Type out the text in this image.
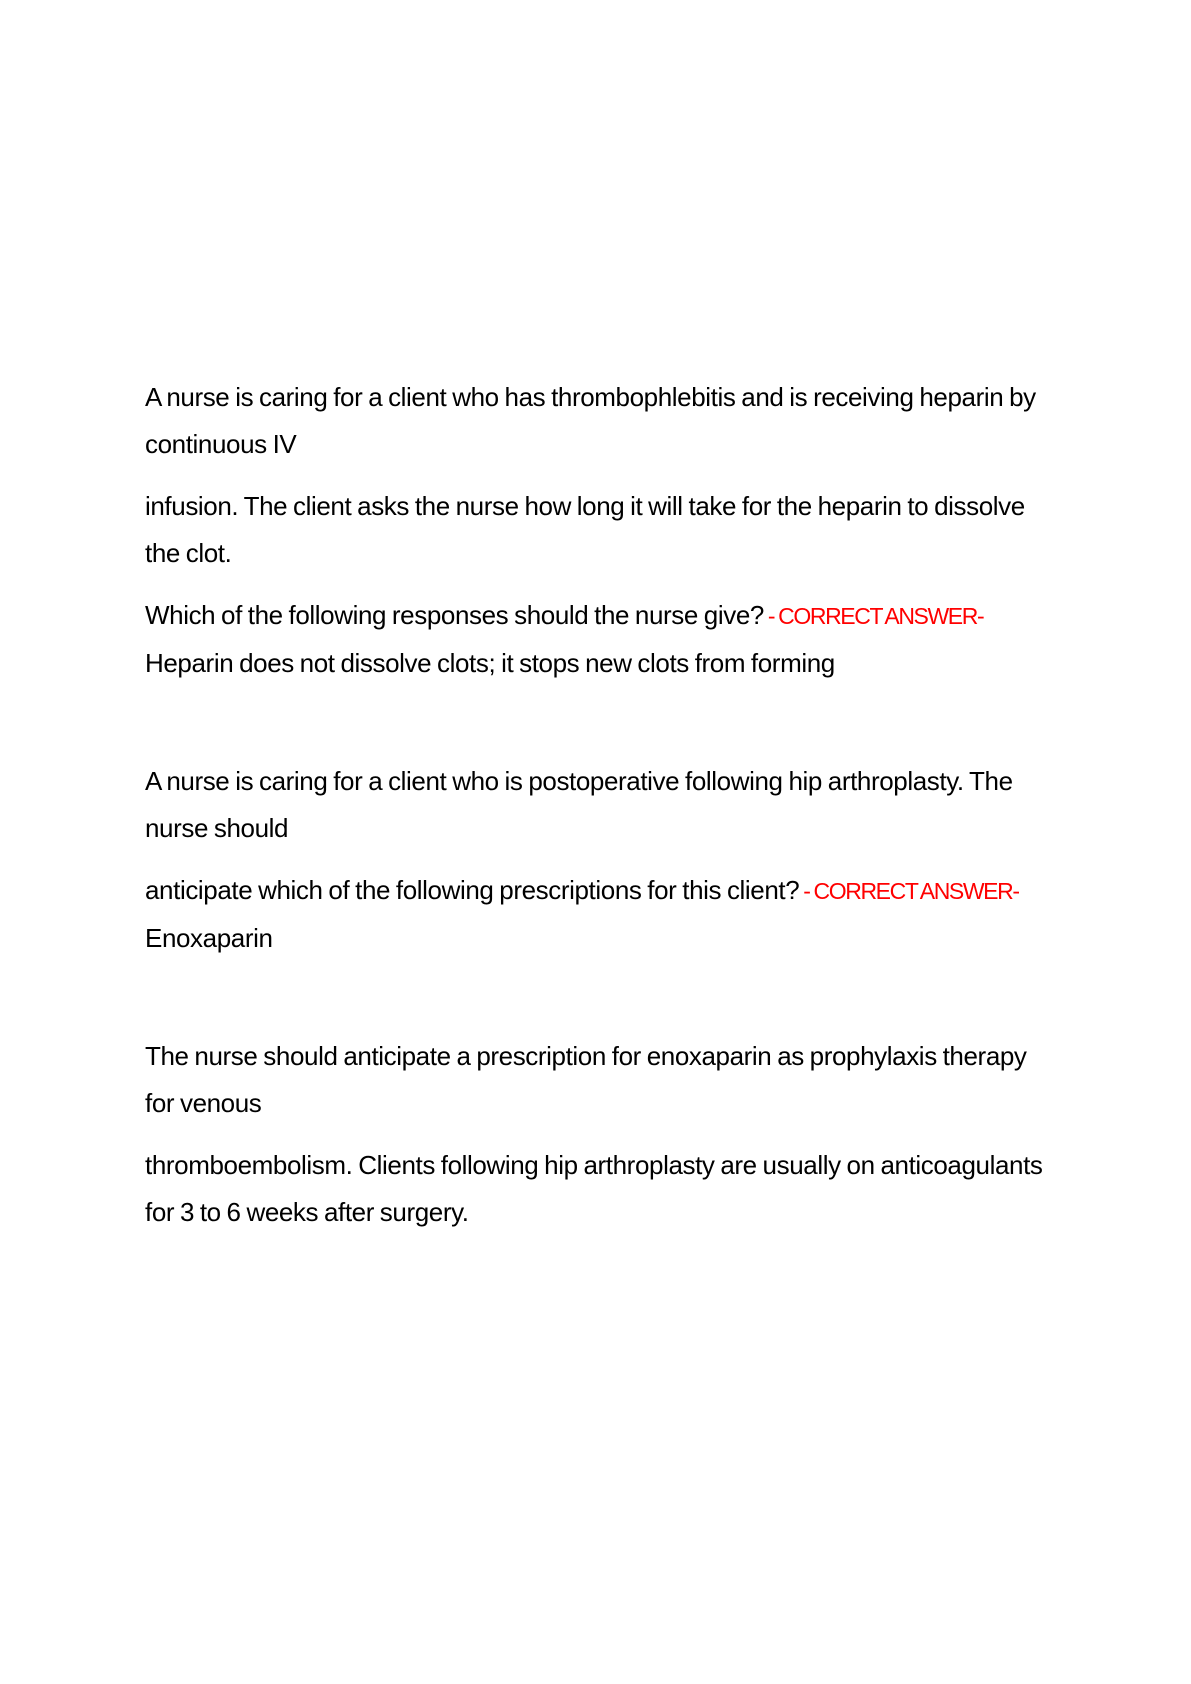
A nurse is caring for a client who has thrombophlebitis and is receiving heparin by continuous IV

infusion. The client asks the nurse how long it will take for the heparin to dissolve the clot.

Which of the following responses should the nurse give? - CORRECT ANSWER-Heparin does not dissolve clots; it stops new clots from forming

A nurse is caring for a client who is postoperative following hip arthroplasty. The nurse should

anticipate which of the following prescriptions for this client? - CORRECT ANSWER-Enoxaparin

The nurse should anticipate a prescription for enoxaparin as prophylaxis therapy for venous

thromboembolism. Clients following hip arthroplasty are usually on anticoagulants for 3 to 6 weeks after surgery.
